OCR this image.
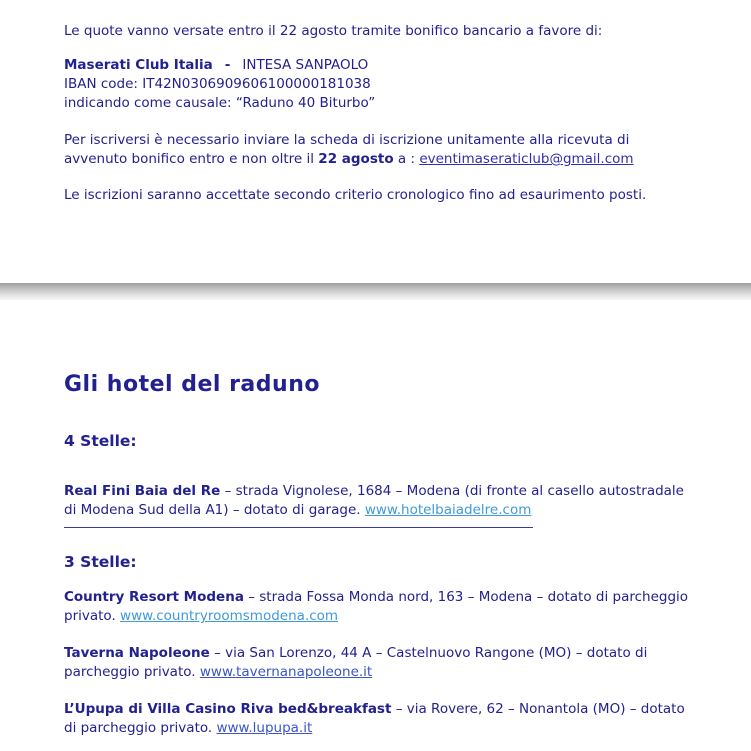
Le quote vanno versate entro il 22 agosto tramite bonifico bancario a favore di:

Maserati Club Italia - INTESA SANPAOLO
IBAN code: IT42N0306909606100000181038
indicando come causale: “Raduno 40 Biturbo”

Per iscriversi è necessario inviare la scheda di iscrizione unitamente alla ricevuta di avvenuto bonifico entro e non oltre il 22 agosto a : eventimaseraticlub@gmail.com

Le iscrizioni saranno accettate secondo criterio cronologico fino ad esaurimento posti.

Gli hotel del raduno
4 Stelle:

Real Fini Baia del Re – strada Vignolese, 1684 – Modena (di fronte al casello autostradale di Modena Sud della A1) – dotato di garage. www.hotelbaiadelre.com

3 Stelle:

Country Resort Modena – strada Fossa Monda nord, 163 – Modena – dotato di parcheggio privato. www.countryroomsmodena.com

Taverna Napoleone – via San Lorenzo, 44 A – Castelnuovo Rangone (MO) – dotato di parcheggio privato. www.tavernanapoleone.it

L’Upupa di Villa Casino Riva bed&breakfast – via Rovere, 62 – Nonantola (MO) – dotato di parcheggio privato. www.lupupa.it
